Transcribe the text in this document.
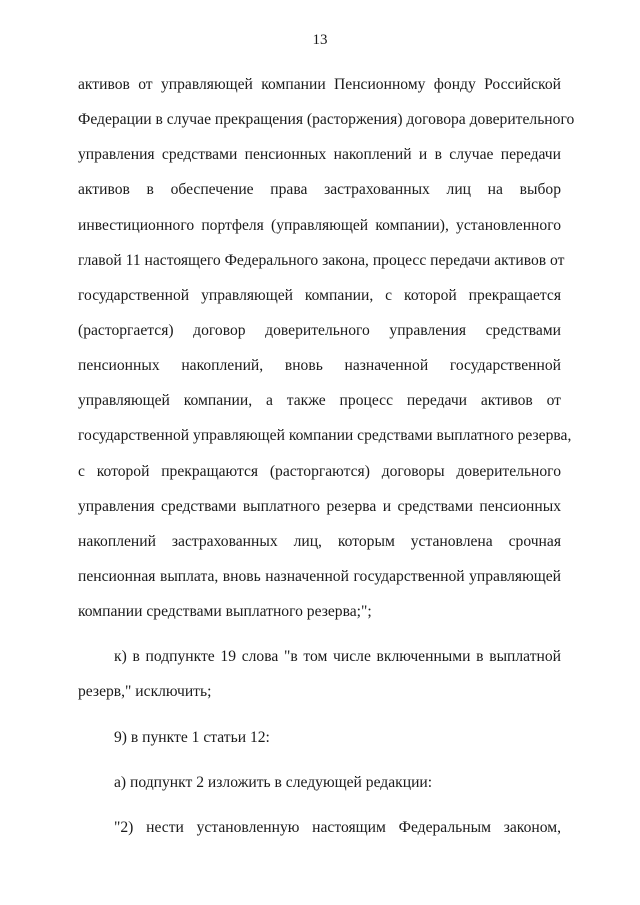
13
активов от управляющей компании Пенсионному фонду Российской
Федерации в случае прекращения (расторжения) договора доверительного
управления средствами пенсионных накоплений и в случае передачи
активов в обеспечение права застрахованных лиц на выбор
инвестиционного портфеля (управляющей компании), установленного
главой 11 настоящего Федерального закона, процесс передачи активов от
государственной управляющей компании, с которой прекращается
(расторгается) договор доверительного управления средствами
пенсионных накоплений, вновь назначенной государственной
управляющей компании, а также процесс передачи активов от
государственной управляющей компании средствами выплатного резерва,
с которой прекращаются (расторгаются) договоры доверительного
управления средствами выплатного резерва и средствами пенсионных
накоплений застрахованных лиц, которым установлена срочная
пенсионная выплата, вновь назначенной государственной управляющей
компании средствами выплатного резерва;";
к) в подпункте 19 слова "в том числе включенными в выплатной
резерв," исключить;
9) в пункте 1 статьи 12:
а) подпункт 2 изложить в следующей редакции:
"2) нести установленную настоящим Федеральным законом,
